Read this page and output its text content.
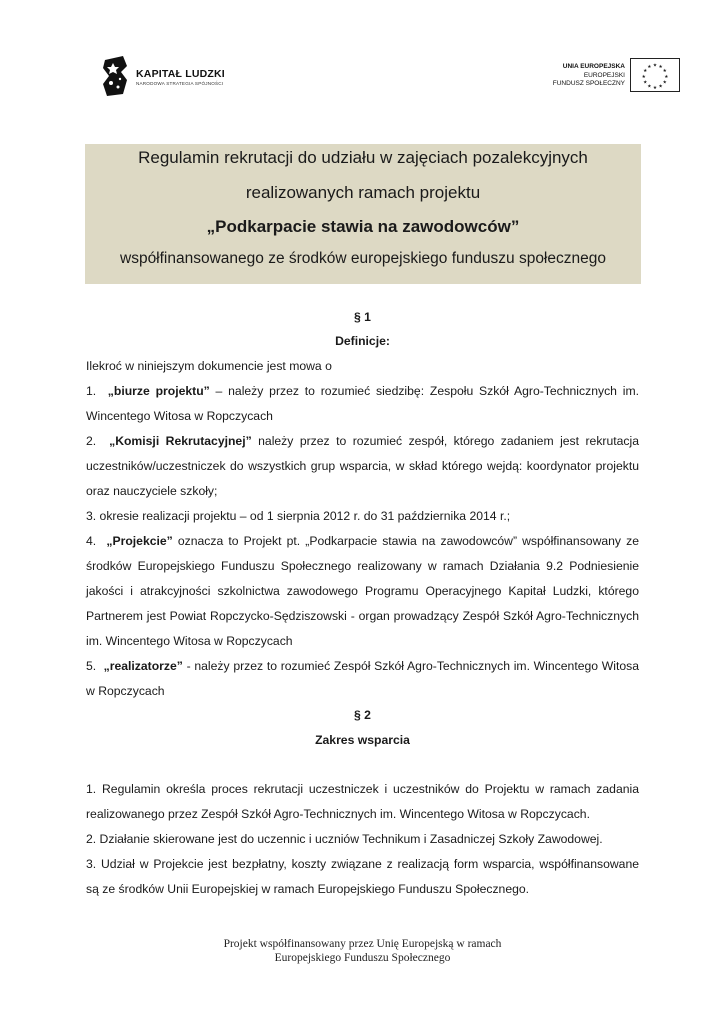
KAPITAŁ LUDZKI
NARODOWA STRATEGIA SPÓJNOŚCI
UNIA EUROPEJSKA
EUROPEJSKI
FUNDUSZ SPOŁECZNY
★ ★
★
★
★
★
★
★
★
★
★
★
Regulamin rekrutacji do udziału w zajęciach pozalekcyjnych
realizowanych ramach projektu
„Podkarpacie stawia na zawodowców”
współfinansowanego ze środków europejskiego funduszu społecznego
§ 1
Definicje:
Ilekroć w niniejszym dokumencie jest mowa o
1. „biurze projektu” – należy przez to rozumieć siedzibę: Zespołu Szkół Agro-Technicznych im.
Wincentego Witosa w Ropczycach
2. „Komisji Rekrutacyjnej” należy przez to rozumieć zespół, którego zadaniem jest rekrutacja
uczestników/uczestniczek do wszystkich grup wsparcia, w skład którego wejdą: koordynator projektu
oraz nauczyciele szkoły;
3. okresie realizacji projektu – od 1 sierpnia 2012 r. do 31 października 2014 r.;
4. „Projekcie” oznacza to Projekt pt. „Podkarpacie stawia na zawodowców” współfinansowany ze
środków Europejskiego Funduszu Społecznego realizowany w ramach Działania 9.2 Podniesienie
jakości i atrakcyjności szkolnictwa zawodowego Programu Operacyjnego Kapitał Ludzki, którego
Partnerem jest Powiat Ropczycko-Sędziszowski - organ prowadzący Zespół Szkół Agro-Technicznych
im. Wincentego Witosa w Ropczycach
5. „realizatorze” - należy przez to rozumieć Zespół Szkół Agro-Technicznych im. Wincentego Witosa
w Ropczycach
§ 2
Zakres wsparcia
1. Regulamin określa proces rekrutacji uczestniczek i uczestników do Projektu w ramach zadania
realizowanego przez Zespół Szkół Agro-Technicznych im. Wincentego Witosa w Ropczycach.
2. Działanie skierowane jest do uczennic i uczniów Technikum i Zasadniczej Szkoły Zawodowej.
3. Udział w Projekcie jest bezpłatny, koszty związane z realizacją form wsparcia, współfinansowane
są ze środków Unii Europejskiej w ramach Europejskiego Funduszu Społecznego.
Projekt współfinansowany przez Unię Europejską w ramach
Europejskiego Funduszu Społecznego
